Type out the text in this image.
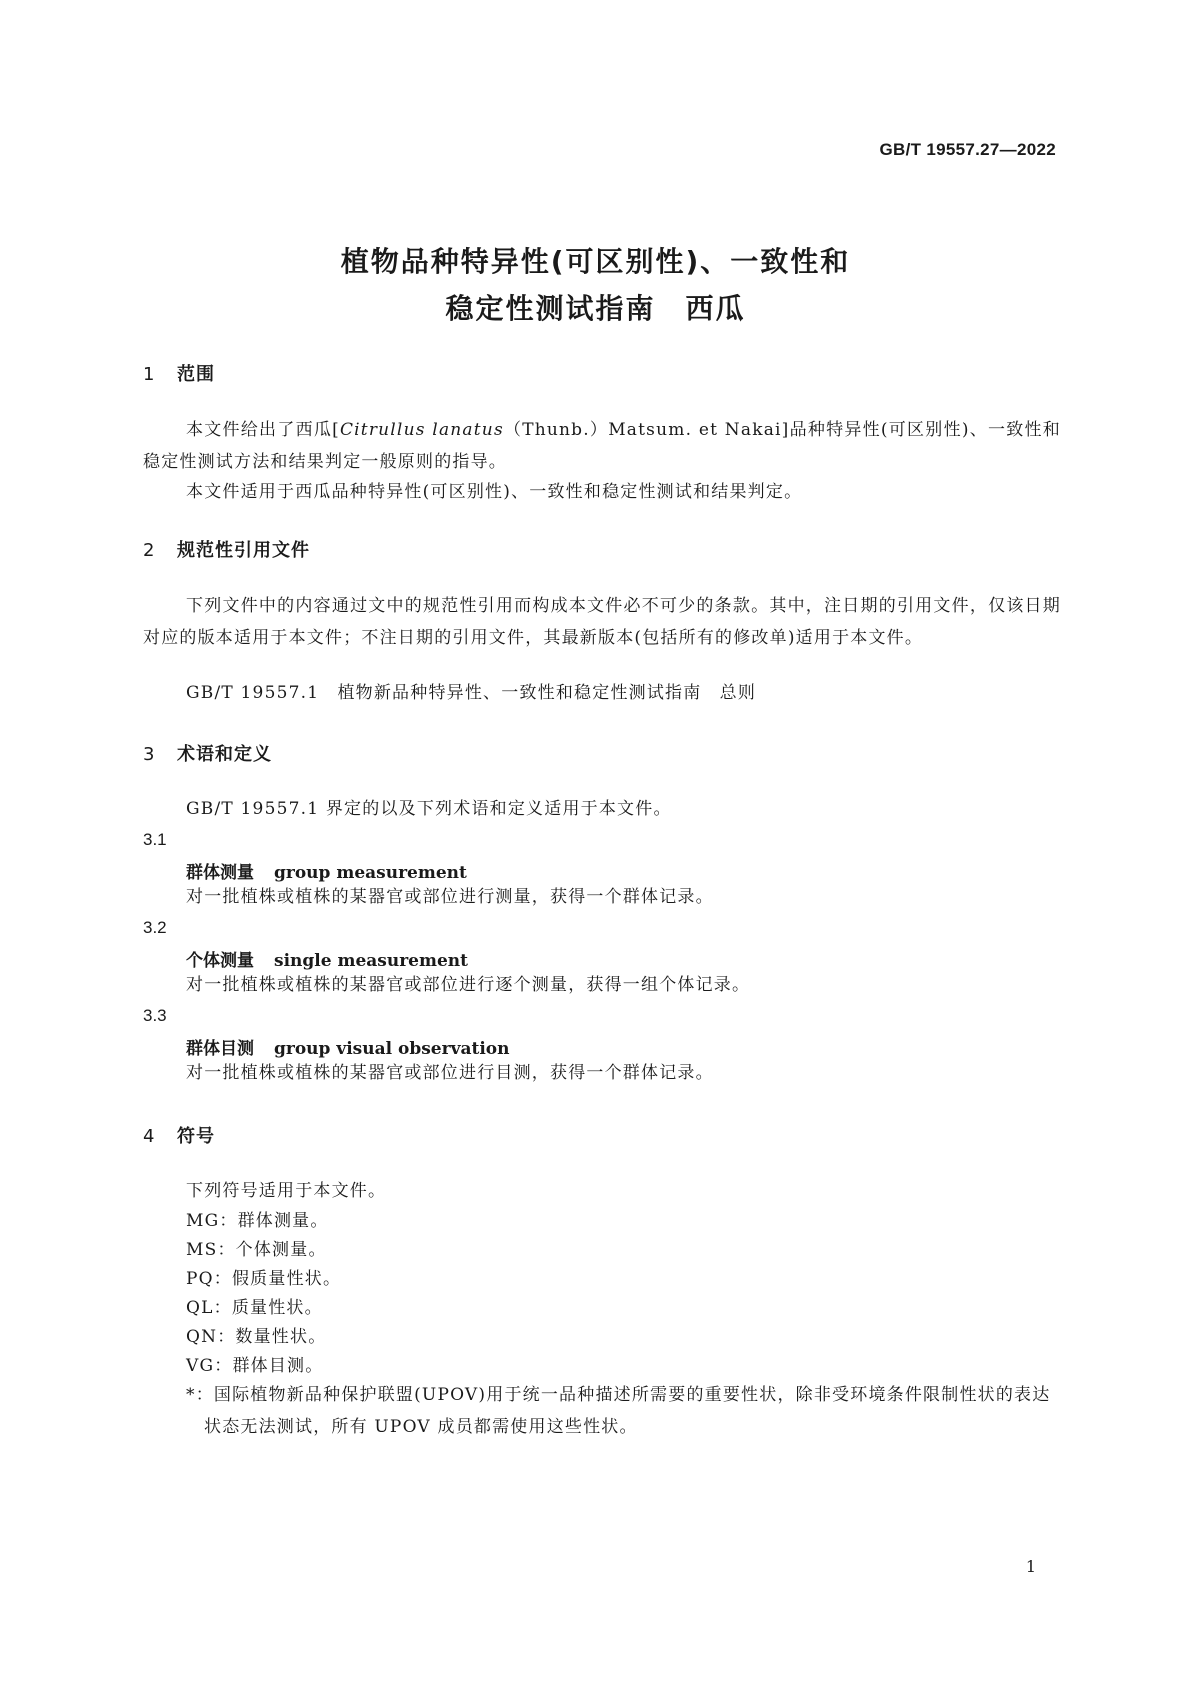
GB/T 19557.27—2022
植物品种特异性(可区别性)、一致性和
稳定性测试指南　西瓜
1 范围
本文件给出了西瓜[Citrullus lanatus（Thunb.）Matsum. et Nakai]品种特异性(可区别性)、一致性和稳定性测试方法和结果判定一般原则的指导。
本文件适用于西瓜品种特异性(可区别性)、一致性和稳定性测试和结果判定。
2 规范性引用文件
下列文件中的内容通过文中的规范性引用而构成本文件必不可少的条款。其中，注日期的引用文件，仅该日期对应的版本适用于本文件；不注日期的引用文件，其最新版本(包括所有的修改单)适用于本文件。
GB/T 19557.1　植物新品种特异性、一致性和稳定性测试指南　总则
3 术语和定义
GB/T 19557.1 界定的以及下列术语和定义适用于本文件。
3.1
群体测量 group measurement
对一批植株或植株的某器官或部位进行测量，获得一个群体记录。
3.2
个体测量 single measurement
对一批植株或植株的某器官或部位进行逐个测量，获得一组个体记录。
3.3
群体目测 group visual observation
对一批植株或植株的某器官或部位进行目测，获得一个群体记录。
4 符号
下列符号适用于本文件。
MG：群体测量。
MS：个体测量。
PQ：假质量性状。
QL：质量性状。
QN：数量性状。
VG：群体目测。
*：国际植物新品种保护联盟(UPOV)用于统一品种描述所需要的重要性状，除非受环境条件限制性状的表达状态无法测试，所有 UPOV 成员都需使用这些性状。
1
